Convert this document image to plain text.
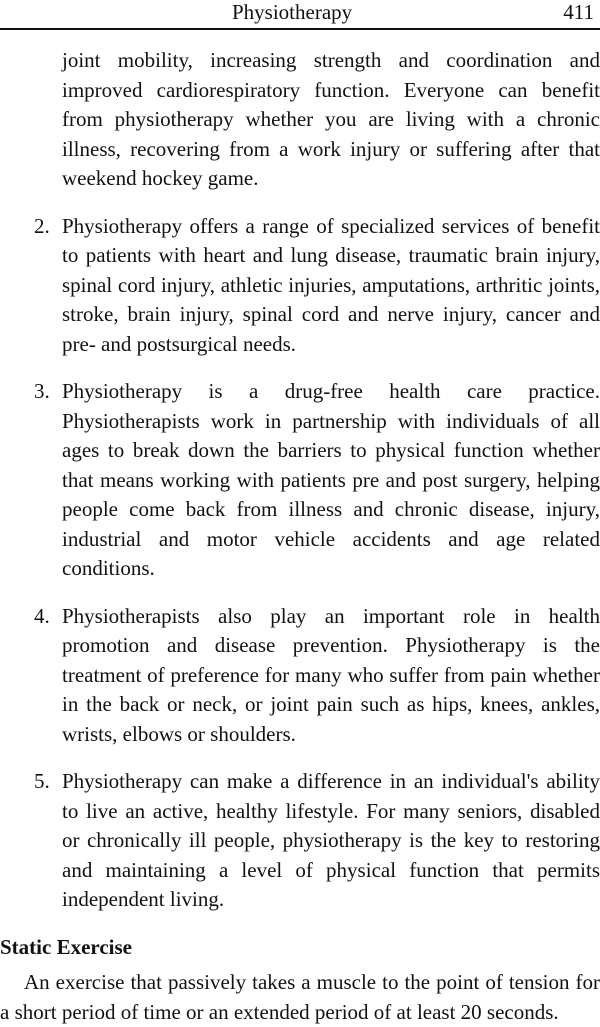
Physiotherapy	411

joint mobility, increasing strength and coordination and improved cardiorespiratory function. Everyone can benefit from physiotherapy whether you are living with a chronic illness, recovering from a work injury or suffering after that weekend hockey game.

2. Physiotherapy offers a range of specialized services of benefit to patients with heart and lung disease, traumatic brain injury, spinal cord injury, athletic injuries, amputations, arthritic joints, stroke, brain injury, spinal cord and nerve injury, cancer and pre- and postsurgical needs.
3. Physiotherapy is a drug-free health care practice. Physiotherapists work in partnership with individuals of all ages to break down the barriers to physical function whether that means working with patients pre and post surgery, helping people come back from illness and chronic disease, injury, industrial and motor vehicle accidents and age related conditions.
4. Physiotherapists also play an important role in health promotion and disease prevention. Physiotherapy is the treatment of preference for many who suffer from pain whether in the back or neck, or joint pain such as hips, knees, ankles, wrists, elbows or shoulders.
5. Physiotherapy can make a difference in an individual's ability to live an active, healthy lifestyle. For many seniors, disabled or chronically ill people, physiotherapy is the key to restoring and maintaining a level of physical function that permits independent living.
Static Exercise

An exercise that passively takes a muscle to the point of tension for a short period of time or an extended period of at least 20 seconds.
